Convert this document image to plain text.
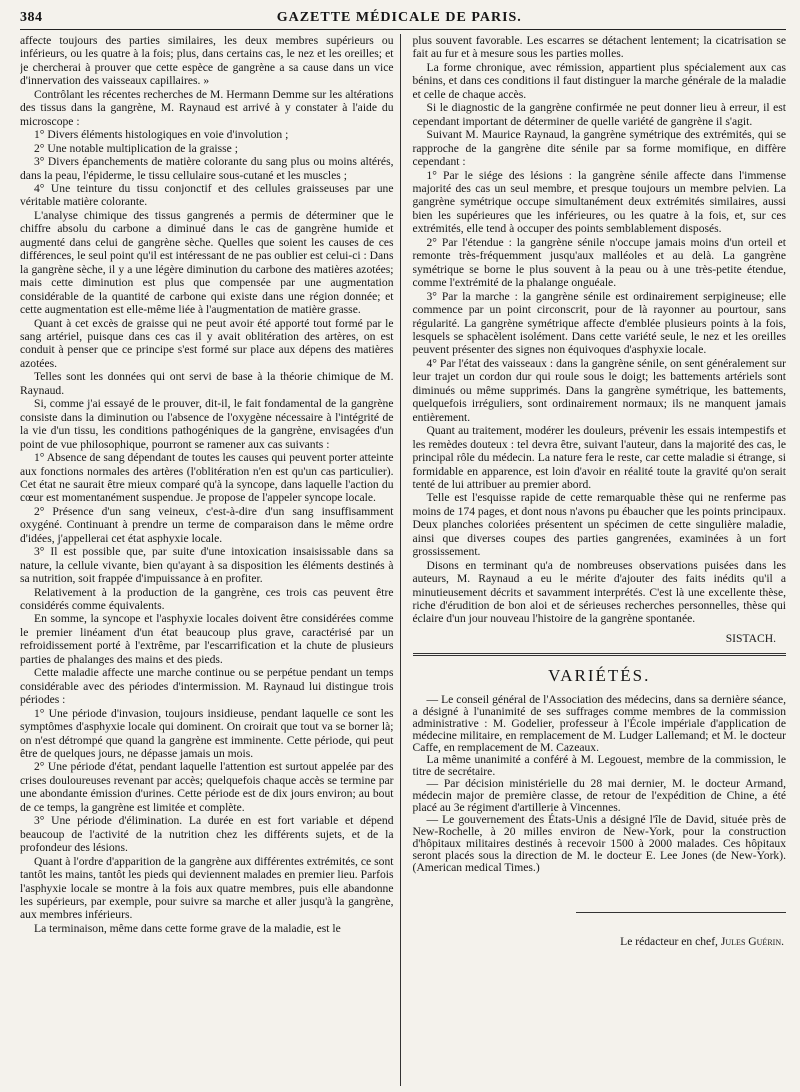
384	GAZETTE MÉDICALE DE PARIS.

affecte toujours des parties similaires, les deux membres supérieurs ou inférieurs, ou les quatre à la fois; plus, dans certains cas, le nez et les oreilles; et je chercherai à prouver que cette espèce de gangrène a sa cause dans un vice d'innervation des vaisseaux capillaires. »

Contrôlant les récentes recherches de M. Hermann Demme sur les altérations des tissus dans la gangrène, M. Raynaud est arrivé à y constater à l'aide du microscope :

1° Divers éléments histologiques en voie d'involution ;

2° Une notable multiplication de la graisse ;

3° Divers épanchements de matière colorante du sang plus ou moins altérés, dans la peau, l'épiderme, le tissu cellulaire sous-cutané et les muscles ;

4° Une teinture du tissu conjonctif et des cellules graisseuses par une véritable matière colorante.

L'analyse chimique des tissus gangrenés a permis de déterminer que le chiffre absolu du carbone a diminué dans le cas de gangrène humide et augmenté dans celui de gangrène sèche. Quelles que soient les causes de ces différences, le seul point qu'il est intéressant de ne pas oublier est celui-ci : Dans la gangrène sèche, il y a une légère diminution du carbone des matières azotées; mais cette diminution est plus que compensée par une augmentation considérable de la quantité de carbone qui existe dans une région donnée; et cette augmentation est elle-même liée à l'augmentation de matière grasse.

Quant à cet excès de graisse qui ne peut avoir été apporté tout formé par le sang artériel, puisque dans ces cas il y avait oblitération des artères, on est conduit à penser que ce principe s'est formé sur place aux dépens des matières azotées.

Telles sont les données qui ont servi de base à la théorie chimique de M. Raynaud.

Si, comme j'ai essayé de le prouver, dit-il, le fait fondamental de la gangrène consiste dans la diminution ou l'absence de l'oxygène nécessaire à l'intégrité de la vie d'un tissu, les conditions pathogéniques de la gangrène, envisagées d'un point de vue philosophique, pourront se ramener aux cas suivants :

1° Absence de sang dépendant de toutes les causes qui peuvent porter atteinte aux fonctions normales des artères (l'oblitération n'en est qu'un cas particulier). Cet état ne saurait être mieux comparé qu'à la syncope, dans laquelle l'action du cœur est momentanément suspendue. Je propose de l'appeler syncope locale.

2° Présence d'un sang veineux, c'est-à-dire d'un sang insuffisamment oxygéné. Continuant à prendre un terme de comparaison dans le même ordre d'idées, j'appellerai cet état asphyxie locale.

3° Il est possible que, par suite d'une intoxication insaisissable dans sa nature, la cellule vivante, bien qu'ayant à sa disposition les éléments destinés à sa nutrition, soit frappée d'impuissance à en profiter.

Relativement à la production de la gangrène, ces trois cas peuvent être considérés comme équivalents.

En somme, la syncope et l'asphyxie locales doivent être considérées comme le premier linéament d'un état beaucoup plus grave, caractérisé par un refroidissement porté à l'extrême, par l'escarrification et la chute de plusieurs parties de phalanges des mains et des pieds.

Cette maladie affecte une marche continue ou se perpétue pendant un temps considérable avec des périodes d'intermission. M. Raynaud lui distingue trois périodes :

1° Une période d'invasion, toujours insidieuse, pendant laquelle ce sont les symptômes d'asphyxie locale qui dominent. On croirait que tout va se borner là; on n'est détrompé que quand la gangrène est imminente. Cette période, qui peut être de quelques jours, ne dépasse jamais un mois.

2° Une période d'état, pendant laquelle l'attention est surtout appelée par des crises douloureuses revenant par accès; quelquefois chaque accès se termine par une abondante émission d'urines. Cette période est de dix jours environ; au bout de ce temps, la gangrène est limitée et complète.

3° Une période d'élimination. La durée en est fort variable et dépend beaucoup de l'activité de la nutrition chez les différents sujets, et de la profondeur des lésions.

Quant à l'ordre d'apparition de la gangrène aux différentes extrémités, ce sont tantôt les mains, tantôt les pieds qui deviennent malades en premier lieu. Parfois l'asphyxie locale se montre à la fois aux quatre membres, puis elle abandonne les supérieurs, par exemple, pour suivre sa marche et aller jusqu'à la gangrène, aux membres inférieurs.

La terminaison, même dans cette forme grave de la maladie, est le

plus souvent favorable. Les escarres se détachent lentement; la cicatrisation se fait au fur et à mesure sous les parties molles.

La forme chronique, avec rémission, appartient plus spécialement aux cas bénins, et dans ces conditions il faut distinguer la marche générale de la maladie et celle de chaque accès.

Si le diagnostic de la gangrène confirmée ne peut donner lieu à erreur, il est cependant important de déterminer de quelle variété de gangrène il s'agit.

Suivant M. Maurice Raynaud, la gangrène symétrique des extrémités, qui se rapproche de la gangrène dite sénile par sa forme momifique, en diffère cependant :

1° Par le siége des lésions : la gangrène sénile affecte dans l'immense majorité des cas un seul membre, et presque toujours un membre pelvien. La gangrène symétrique occupe simultanément deux extrémités similaires, aussi bien les supérieures que les inférieures, ou les quatre à la fois, et, sur ces extrémités, elle tend à occuper des points semblablement disposés.

2° Par l'étendue : la gangrène sénile n'occupe jamais moins d'un orteil et remonte très-fréquemment jusqu'aux malléoles et au delà. La gangrène symétrique se borne le plus souvent à la peau ou à une très-petite étendue, comme l'extrémité de la phalange onguéale.

3° Par la marche : la gangrène sénile est ordinairement serpigineuse; elle commence par un point circonscrit, pour de là rayonner au pourtour, sans régularité. La gangrène symétrique affecte d'emblée plusieurs points à la fois, lesquels se sphacèlent isolément. Dans cette variété seule, le nez et les oreilles peuvent présenter des signes non équivoques d'asphyxie locale.

4° Par l'état des vaisseaux : dans la gangrène sénile, on sent généralement sur leur trajet un cordon dur qui roule sous le doigt; les battements artériels sont diminués ou même supprimés. Dans la gangrène symétrique, les battements, quelquefois irréguliers, sont ordinairement normaux; ils ne manquent jamais entièrement.

Quant au traitement, modérer les douleurs, prévenir les essais intempestifs et les remèdes douteux : tel devra être, suivant l'auteur, dans la majorité des cas, le principal rôle du médecin. La nature fera le reste, car cette maladie si étrange, si formidable en apparence, est loin d'avoir en réalité toute la gravité qu'on serait tenté de lui attribuer au premier abord.

Telle est l'esquisse rapide de cette remarquable thèse qui ne renferme pas moins de 174 pages, et dont nous n'avons pu ébaucher que les points principaux. Deux planches coloriées présentent un spécimen de cette singulière maladie, ainsi que diverses coupes des parties gangrenées, examinées à un fort grossissement.

Disons en terminant qu'a de nombreuses observations puisées dans les auteurs, M. Raynaud a eu le mérite d'ajouter des faits inédits qu'il a minutieusement décrits et savamment interprétés. C'est là une excellente thèse, riche d'érudition de bon aloi et de sérieuses recherches personnelles, thèse qui éclaire d'un jour nouveau l'histoire de la gangrène spontanée.

SISTACH.
VARIÉTÉS.

— Le conseil général de l'Association des médecins, dans sa dernière séance, a désigné à l'unanimité de ses suffrages comme membres de la commission administrative : M. Godelier, professeur à l'École impériale d'application de médecine militaire, en remplacement de M. Ludger Lallemand; et M. le docteur Caffe, en remplacement de M. Cazeaux.

La même unanimité a conféré à M. Legouest, membre de la commission, le titre de secrétaire.

— Par décision ministérielle du 28 mai dernier, M. le docteur Armand, médecin major de première classe, de retour de l'expédition de Chine, a été placé au 3e régiment d'artillerie à Vincennes.

— Le gouvernement des États-Unis a désigné l'île de David, située près de New-Rochelle, à 20 milles environ de New-York, pour la construction d'hôpitaux militaires destinés à recevoir 1500 à 2000 malades. Ces hôpitaux seront placés sous la direction de M. le docteur E. Lee Jones (de New-York). (American medical Times.)

Le rédacteur en chef, Jules Guérin.
